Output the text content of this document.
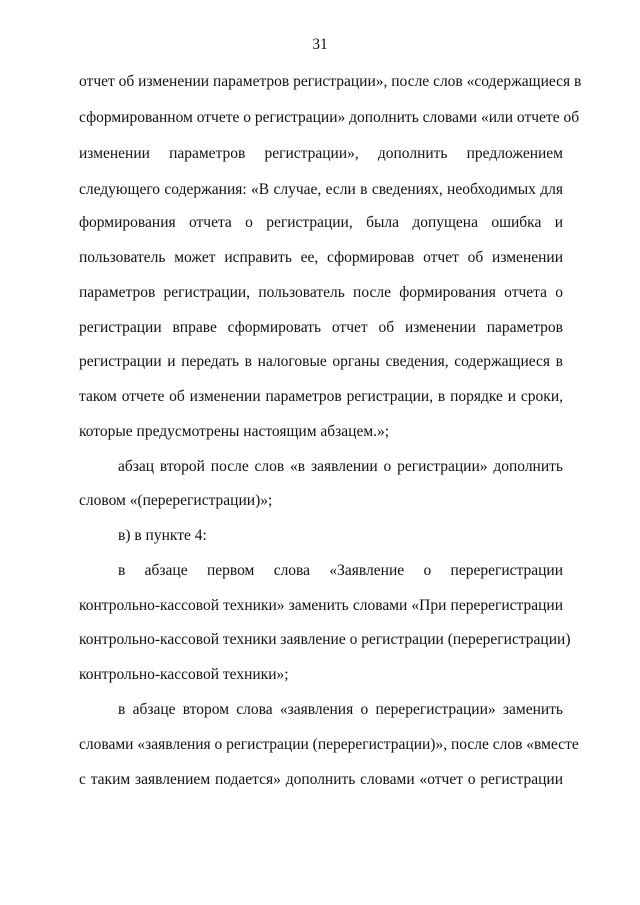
31
отчет об изменении параметров регистрации», после слов «содержащиеся в
сформированном отчете о регистрации» дополнить словами «или отчете об
изменении параметров регистрации», дополнить предложением
следующего содержания: «В случае, если в сведениях, необходимых для
формирования отчета о регистрации, была допущена ошибка и
пользователь может исправить ее, сформировав отчет об изменении
параметров регистрации, пользователь после формирования отчета о
регистрации вправе сформировать отчет об изменении параметров
регистрации и передать в налоговые органы сведения, содержащиеся в
таком отчете об изменении параметров регистрации, в порядке и сроки,
которые предусмотрены настоящим абзацем.»;
абзац второй после слов «в заявлении о регистрации» дополнить
словом «(перерегистрации)»;
в) в пункте 4:
в абзаце первом слова «Заявление о перерегистрации
контрольно-кассовой техники» заменить словами «При перерегистрации
контрольно-кассовой техники заявление о регистрации (перерегистрации)
контрольно-кассовой техники»;
в абзаце втором слова «заявления о перерегистрации» заменить
словами «заявления о регистрации (перерегистрации)», после слов «вместе
с таким заявлением подается» дополнить словами «отчет о регистрации
